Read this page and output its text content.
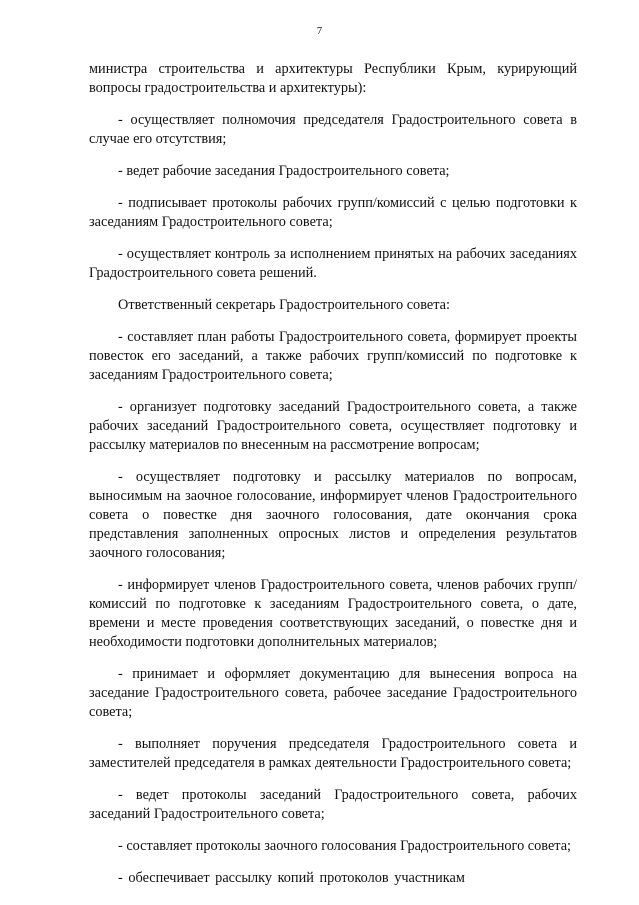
7

министра строительства и архитектуры Республики Крым, курирующий вопросы градостроительства и архитектуры):

- осуществляет полномочия председателя Градостроительного совета в случае его отсутствия;

- ведет рабочие заседания Градостроительного совета;

- подписывает протоколы рабочих групп/комиссий с целью подготовки к заседаниям Градостроительного совета;

- осуществляет контроль за исполнением принятых на рабочих заседаниях Градостроительного совета решений.

Ответственный секретарь Градостроительного совета:

- составляет план работы Градостроительного совета, формирует проекты повесток его заседаний, а также рабочих групп/комиссий по подготовке к заседаниям Градостроительного совета;

- организует подготовку заседаний Градостроительного совета, а также рабочих заседаний Градостроительного совета, осуществляет подготовку и рассылку материалов по внесенным на рассмотрение вопросам;

- осуществляет подготовку и рассылку материалов по вопросам, выносимым на заочное голосование, информирует членов Градостроительного совета о повестке дня заочного голосования, дате окончания срока представления заполненных опросных листов и определения результатов заочного голосования;

- информирует членов Градостроительного совета, членов рабочих групп/комиссий по подготовке к заседаниям Градостроительного совета, о дате, времени и месте проведения соответствующих заседаний, о повестке дня и необходимости подготовки дополнительных материалов;

- принимает и оформляет документацию для вынесения вопроса на заседание Градостроительного совета, рабочее заседание Градостроительного совета;

- выполняет поручения председателя Градостроительного совета и заместителей председателя в рамках деятельности Градостроительного совета;

- ведет протоколы заседаний Градостроительного совета, рабочих заседаний Градостроительного совета;

- составляет протоколы заочного голосования Градостроительного совета;

- обеспечивает рассылку копий протоколов участникам
